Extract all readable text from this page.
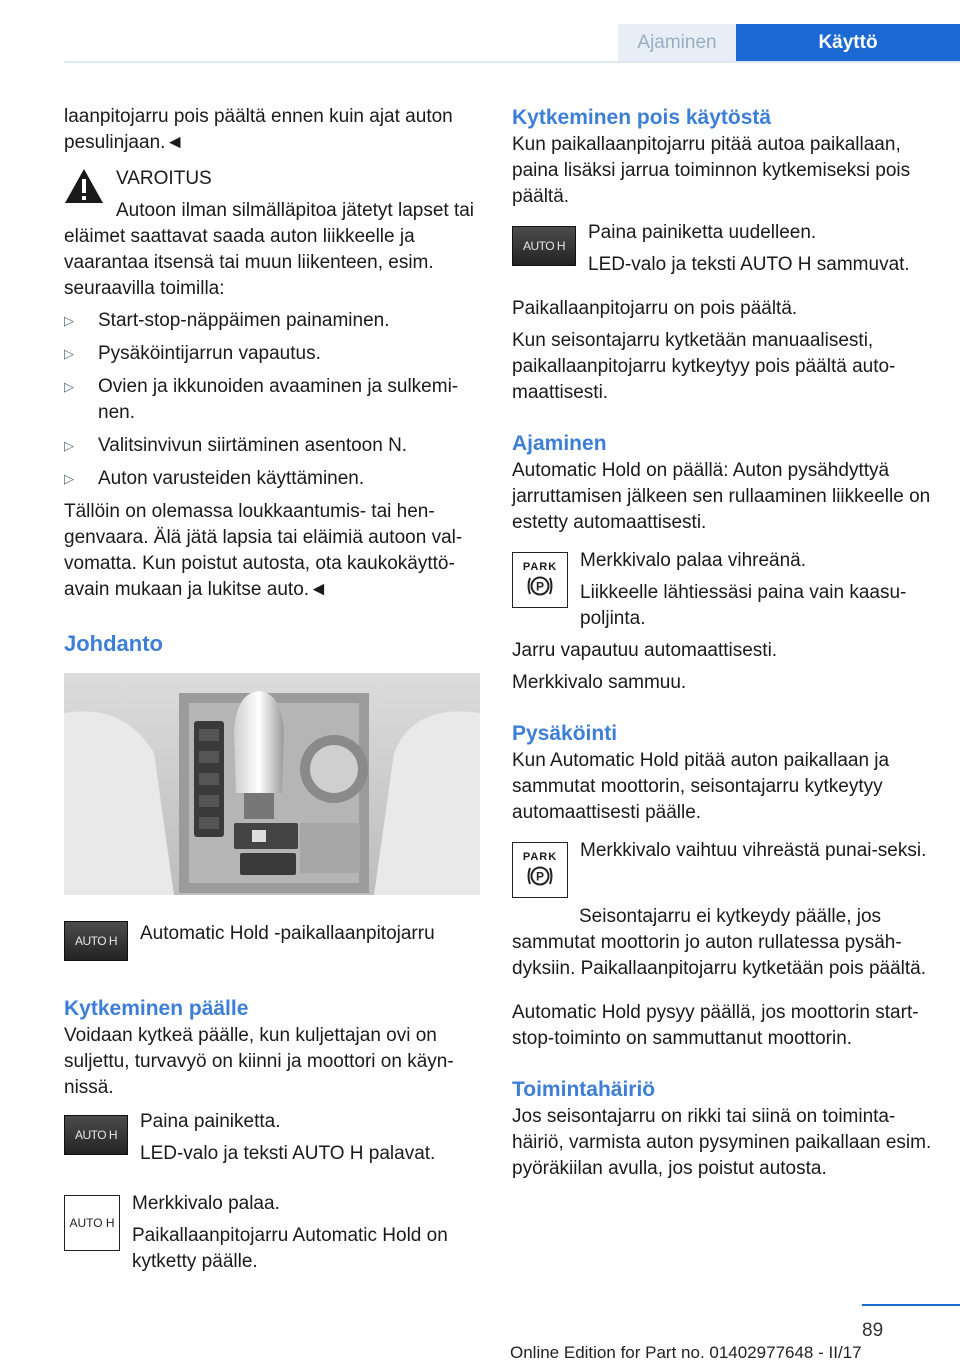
Ajaminen	Käyttö

laanpitojarru pois päältä ennen kuin ajat auton pesulinjaan.◄

VAROITUS

Autoon ilman silmälläpitoa jätetyt lapset tai eläimet saattavat saada auton liikkeelle ja vaarantaa itsensä tai muun liikenteen, esim. seuraavilla toimilla:

▷ Start-stop-näppäimen painaminen.
▷ Pysäköintijarrun vapautus.
▷ Ovien ja ikkunoiden avaaminen ja sulkemi-nen.
▷ Valitsinvivun siirtäminen asentoon N.
▷ Auton varusteiden käyttäminen.

Tällöin on olemassa loukkaantumis- tai hen-genvaara. Älä jätä lapsia tai eläimiä autoon val-vomatta. Kun poistut autosta, ota kaukokäyttö-avain mukaan ja lukitse auto.◄

Johdanto
AUTO H	Automatic Hold -paikallaanpitojarru
Kytkeminen päälle

Voidaan kytkeä päälle, kun kuljettajan ovi on suljettu, turvavyö on kiinni ja moottori on käyn-nissä.

AUTO H

Paina painiketta.

LED-valo ja teksti AUTO H palavat.

AUTO H

Merkkivalo palaa.

Paikallaanpitojarru Automatic Hold on kytketty päälle.

Kytkeminen pois käytöstä

Kun paikallaanpitojarru pitää autoa paikallaan, paina lisäksi jarrua toiminnon kytkemiseksi pois päältä.

AUTO H

Paina painiketta uudelleen.

LED-valo ja teksti AUTO H sammuvat.

Paikallaanpitojarru on pois päältä.

Kun seisontajarru kytketään manuaalisesti, paikallaanpitojarru kytkeytyy pois päältä auto-maattisesti.

Ajaminen

Automatic Hold on päällä: Auton pysähdyttyä jarruttamisen jälkeen sen rullaaminen liikkeelle on estetty automaattisesti.

PARK
P

Merkkivalo palaa vihreänä.

Liikkeelle lähtiessäsi paina vain kaasu-poljinta.

Jarru vapautuu automaattisesti.

Merkkivalo sammuu.

Pysäköinti

Kun Automatic Hold pitää auton paikallaan ja sammutat moottorin, seisontajarru kytkeytyy automaattisesti päälle.

PARK
P

Merkkivalo vaihtuu vihreästä punai-seksi.

Seisontajarru ei kytkeydy päälle, jos sammutat moottorin jo auton rullatessa pysäh-dyksiin. Paikallaanpitojarru kytketään pois päältä.

Automatic Hold pysyy päällä, jos moottorin start-stop-toiminto on sammuttanut moottorin.

Toimintahäiriö

Jos seisontajarru on rikki tai siinä on toiminta-häiriö, varmista auton pysyminen paikallaan esim. pyöräkiilan avulla, jos poistut autosta.

89
Online Edition for Part no. 01402977648 - II/17
